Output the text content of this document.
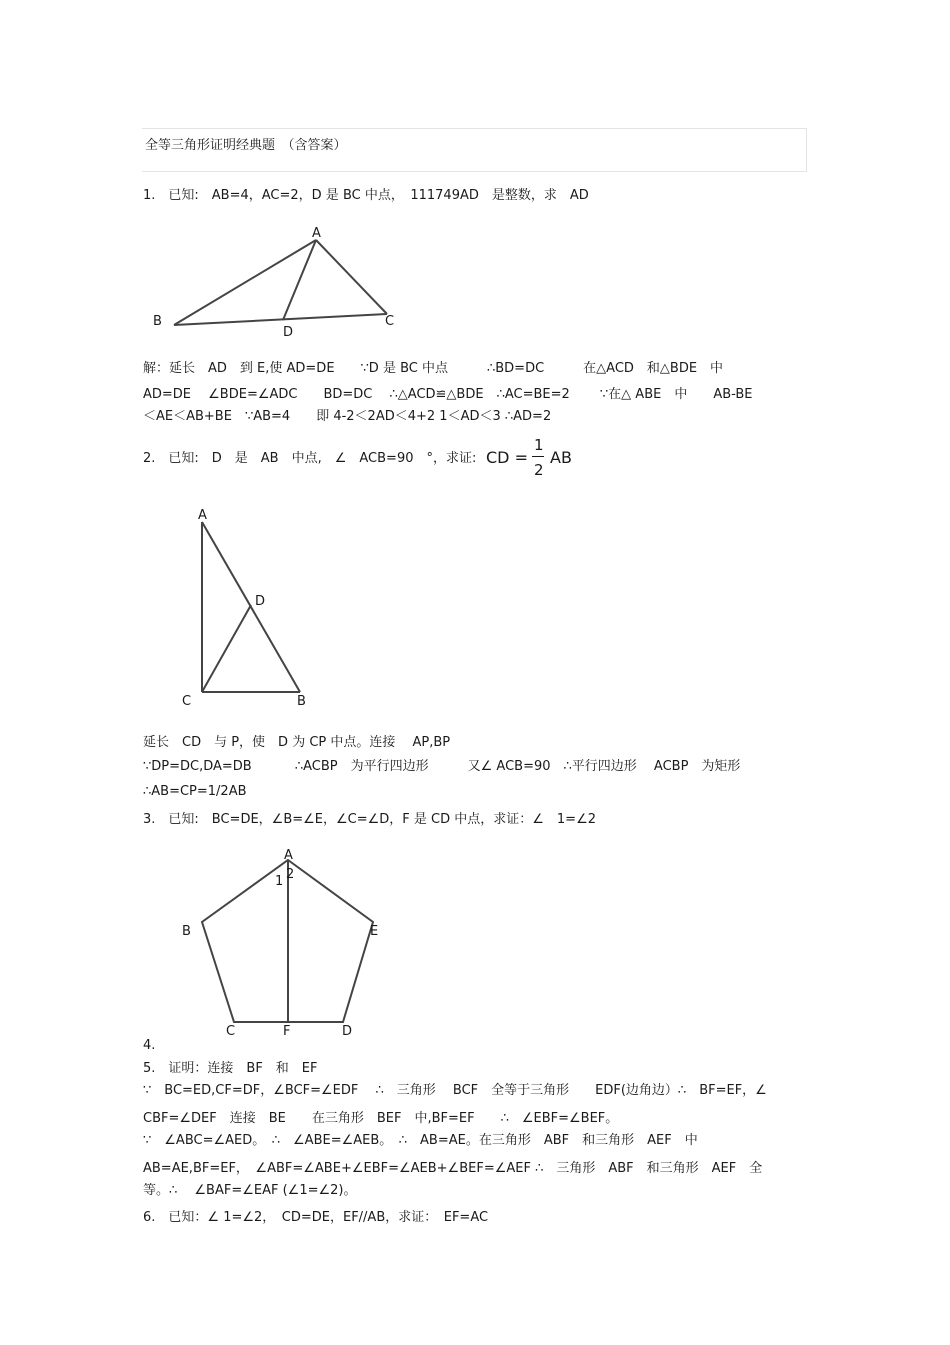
全等三角形证明经典题　（含答案）
1.　已知:　AB=4，AC=2，D 是 BC 中点，　111749AD　是整数，求　AD
A
B	C
D
解：延长　AD　到 E,使 AD=DE　　∵D 是 BC 中点　　　∴BD=DC　　　在△ACD　和△BDE　中
AD=DE　 ∠BDE=∠ADC　　BD=DC　 ∴△ACD≌△BDE　∴AC=BE=2　　 ∵在△ ABE　中　　AB-BE
＜AE＜AB+BE　∵AB=4　　即 4-2＜2AD＜4+2 1＜AD＜3 ∴AD=2
2.　已知:　D　是　AB　中点,　∠　ACB=90　°，求证: CD =
1
2
AB
A
D
C	B
延长　CD　与 P，使　D 为 CP 中点。连接　 AP,BP
∵DP=DC,DA=DB　　　 ∴ACBP　为平行四边形　　　又∠ ACB=90　∴平行四边形　 ACBP　为矩形
∴AB=CP=1/2AB
3.　已知:　BC=DE，∠B=∠E，∠C=∠D，F 是 CD 中点，求证：∠　1=∠2
A
1 2
B	E
C	F	D
4.
5.　证明：连接　BF　和　EF
∵　BC=ED,CF=DF，∠BCF=∠EDF　 ∴　三角形　 BCF　全等于三角形　　EDF(边角边）∴　BF=EF，∠
CBF=∠DEF　连接　BE　　在三角形　BEF　中,BF=EF　　∴　∠EBF=∠BEF。
∵　∠ABC=∠AED。　∴　∠ABE=∠AEB。　∴　AB=AE。在三角形　ABF　和三角形　AEF　中
AB=AE,BF=EF，　∠ABF=∠ABE+∠EBF=∠AEB+∠BEF=∠AEF ∴　三角形　ABF　和三角形　AEF　全
等。∴　 ∠BAF=∠EAF (∠1=∠2)。
6.　已知：∠ 1=∠2，　CD=DE，EF//AB，求证：　EF=AC
